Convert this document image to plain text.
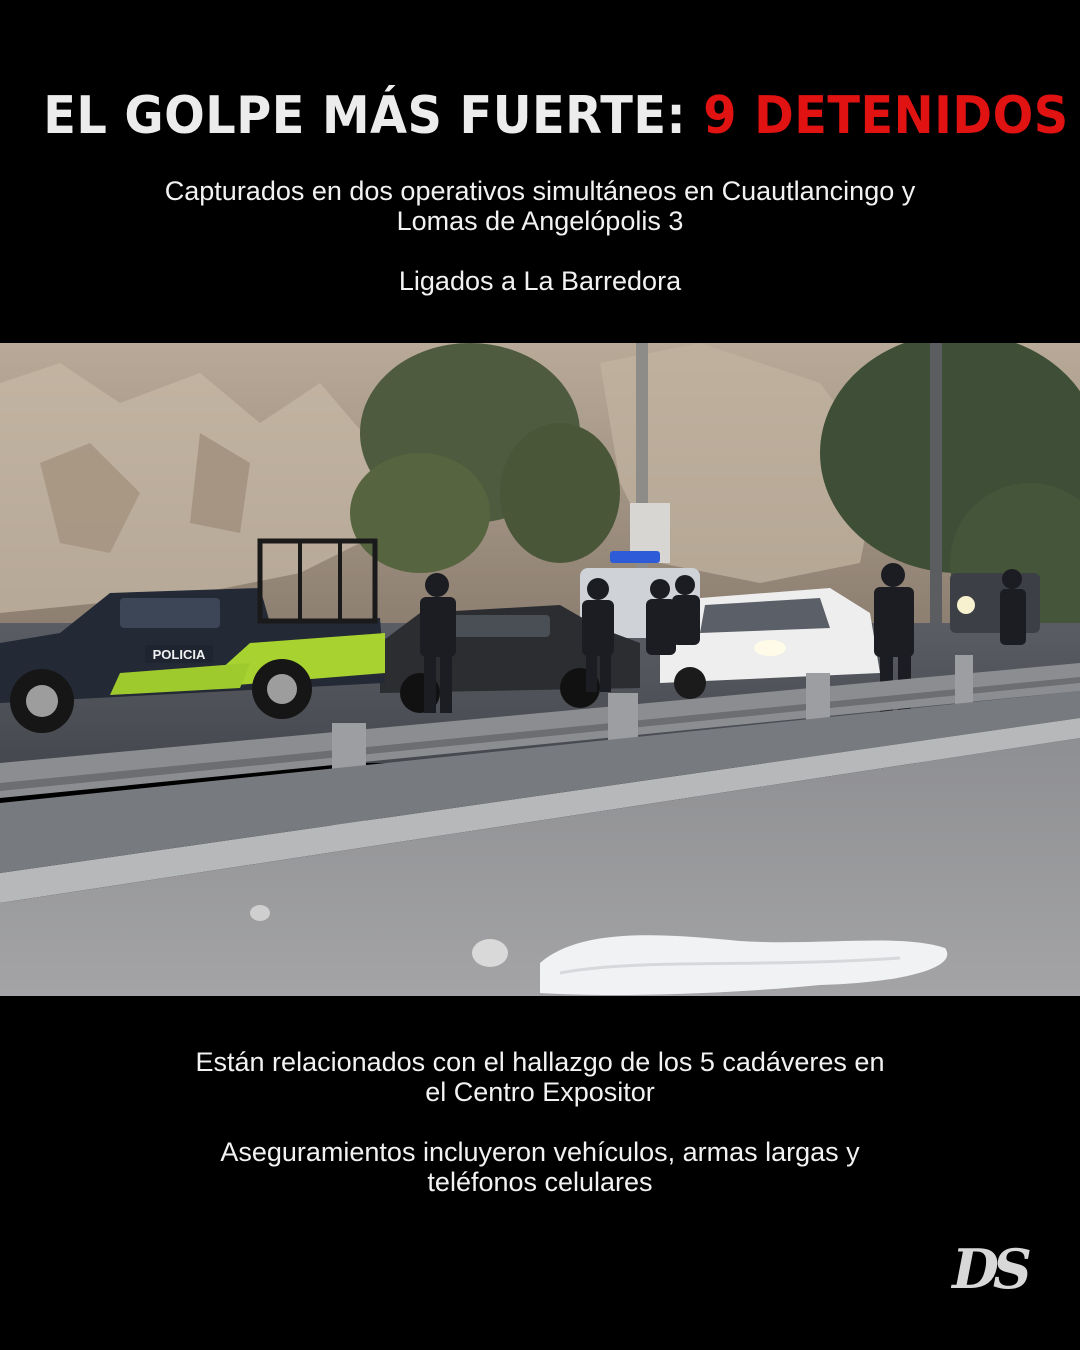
EL GOLPE MÁS FUERTE: 9 DETENIDOS
Capturados en dos operativos simultáneos en Cuautlancingo y Lomas de Angelópolis 3
Ligados a La Barredora
POLICIA
Están relacionados con el hallazgo de los 5 cadáveres en el Centro Expositor
Aseguramientos incluyeron vehículos, armas largas y teléfonos celulares
DS
